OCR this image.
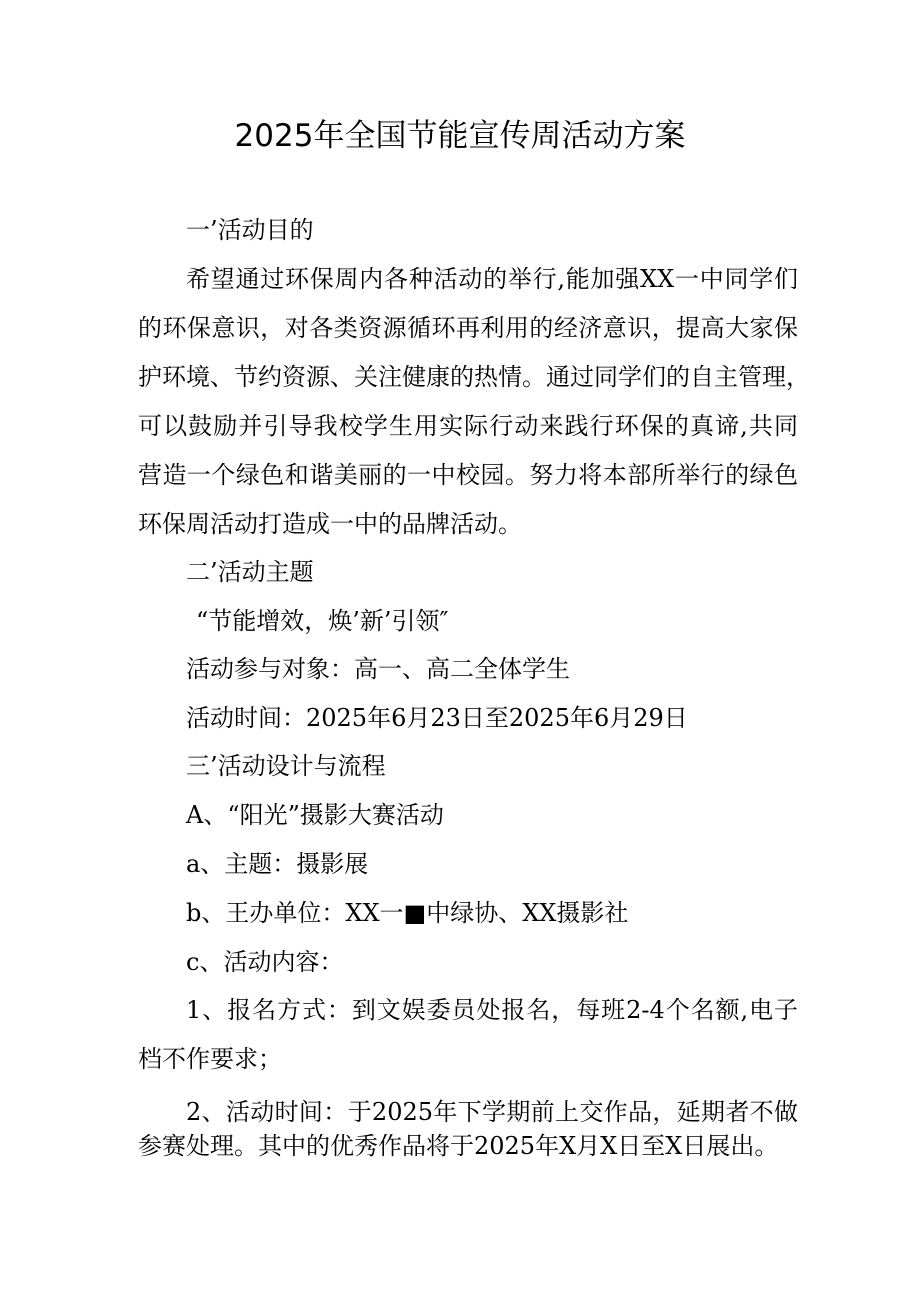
2025年全国节能宣传周活动方案
一’活动目的
希望通过环保周内各种活动的举行,能加强XX一中同学们
的环保意识，对各类资源循环再利用的经济意识，提高大家保
护环境、节约资源、关注健康的热情。通过同学们的自主管理，
可以鼓励并引导我校学生用实际行动来践行环保的真谛,共同
营造一个绿色和谐美丽的一中校园。努力将本部所举行的绿色
环保周活动打造成一中的品牌活动。
二’活动主题
“节能增效，焕’新’引领″
活动参与对象：高一、高二全体学生
活动时间：2025年6月23日至2025年6月29日
三’活动设计与流程
A、“阳光”摄影大赛活动
a、主题：摄影展
b、王办单位：XX一■中绿协、XX摄影社
c、活动内容：
1、报名方式：到文娱委员处报名，每班2-4个名额,电子
档不作要求；
2、活动时间：于2025年下学期前上交作品，延期者不做
参赛处理。其中的优秀作品将于2025年X月X日至X日展出。
